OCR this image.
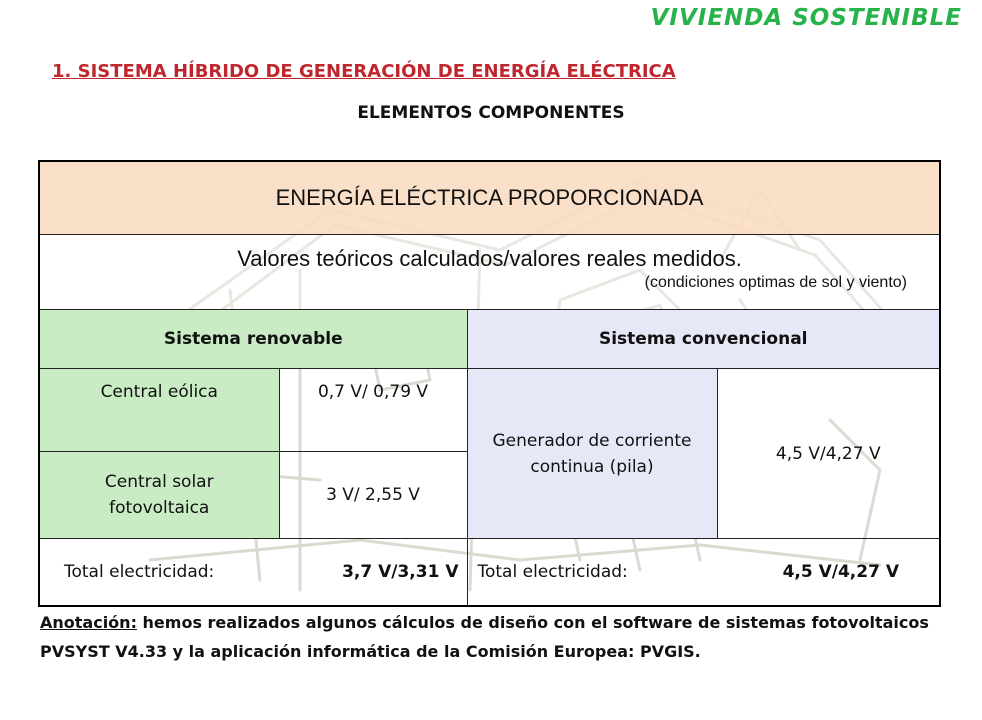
VIVIENDA SOSTENIBLE
1. SISTEMA HÍBRIDO DE GENERACIÓN DE ENERGÍA ELÉCTRICA
ELEMENTOS COMPONENTES
ENERGÍA ELÉCTRICA PROPORCIONADA			

Valores teóricos calculados/valores reales medidos.
(condiciones optimas de sol y viento)			

Sistema renovable		Sistema convencional	
Central eólica	0,7 V/ 0,79 V	Generador de corriente continua (pila)	4,5 V/4,27 V

Central solar fotovoltaica	3 V/ 2,55 V		

Total electricidad: 3,7 V/3,31 V		Total electricidad: 4,5 V/4,27 V	
Anotación: hemos realizados algunos cálculos de diseño con el software de sistemas fotovoltaicos PVSYST V4.33 y la aplicación informática de la Comisión Europea: PVGIS.
